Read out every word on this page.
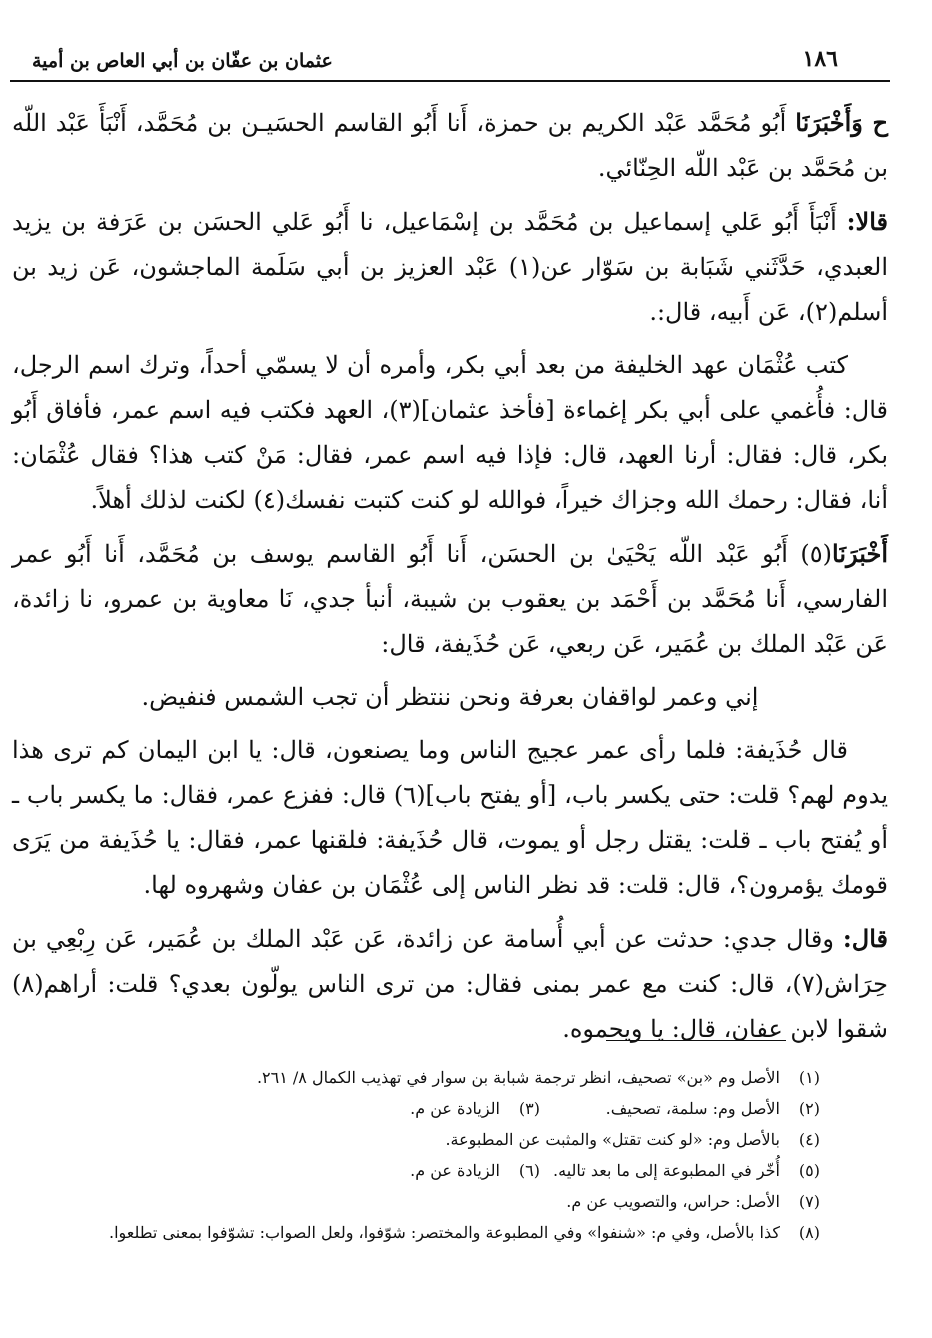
١٨٦
عثمان بن عفّان بن أبي العاص بن أمية

ح وَأَخْبَرَنَا أَبُو مُحَمَّد عَبْد الكريم بن حمزة، أَنا أَبُو القاسم الحسَيـن بن مُحَمَّد، أَنْبَأَ عَبْد اللّه بن مُحَمَّد بن عَبْد اللّه الحِنّائي.

قالا: أَنْبَأَ أَبُو عَلي إسماعيل بن مُحَمَّد بن إسْمَاعيل، نا أَبُو عَلي الحسَن بن عَرَفة بن يزيد العبدي، حَدَّثَني شَبَابة بن سَوّار عن(١) عَبْد العزيز بن أبي سَلَمة الماجشون، عَن زيد بن أسلم(٢)، عَن أَبيه، قال:.

كتب عُثْمَان عهد الخليفة من بعد أبي بكر، وأمره أن لا يسمّي أحداً، وترك اسم الرجل، قال: فأُغمي على أبي بكر إغماءة [فأخذ عثمان](٣)، العهد فكتب فيه اسم عمر، فأفاق أَبُو بكر، قال: فقال: أرنا العهد، قال: فإذا فيه اسم عمر، فقال: مَنْ كتب هذا؟ فقال عُثْمَان: أنا، فقال: رحمك الله وجزاك خيراً، فوالله لو كنت كتبت نفسك(٤) لكنت لذلك أهلاً.

أَخْبَرَنَا(٥) أَبُو عَبْد اللّه يَحْيَىٰ بن الحسَن، أَنا أَبُو القاسم يوسف بن مُحَمَّد، أَنا أَبُو عمر الفارسي، أَنا مُحَمَّد بن أَحْمَد بن يعقوب بن شيبة، أنبأ جدي، نَا معاوية بن عمرو، نا زائدة، عَن عَبْد الملك بن عُمَير، عَن ربعي، عَن حُذَيفة، قال:

إني وعمر لواقفان بعرفة ونحن ننتظر أن تجب الشمس فنفيض.

قال حُذَيفة: فلما رأى عمر عجيج الناس وما يصنعون، قال: يا ابن اليمان كم ترى هذا يدوم لهم؟ قلت: حتى يكسر باب، [أو يفتح باب](٦) قال: ففزع عمر، فقال: ما يكسر باب ـ أو يُفتح باب ـ قلت: يقتل رجل أو يموت، قال حُذَيفة: فلقنها عمر، فقال: يا حُذَيفة من يَرَى قومك يؤمرون؟، قال: قلت: قد نظر الناس إلى عُثْمَان بن عفان وشهروه لها.

قال: وقال جدي: حدثت عن أبي أُسامة عن زائدة، عَن عَبْد الملك بن عُمَير، عَن رِبْعِي بن حِرَاش(٧)، قال: كنت مع عمر بمنى فقال: من ترى الناس يولّون بعدي؟ قلت: أراهم(٨) شقوا لابن عفان، قال: يا ويحموه.

(١)
الأصل وم «بن» تصحيف، انظر ترجمة شبابة بن سوار في تهذيب الكمال ٨/ ٢٦١.
(٢)
الأصل وم: سلمة، تصحيف.
(٣)
الزيادة عن م.
(٤)
بالأصل وم: «لو كنت تقتل» والمثبت عن المطبوعة.
(٥)
أُخّر في المطبوعة إلى ما بعد تاليه.
(٦)
الزيادة عن م.
(٧)
الأصل: حراس، والتصويب عن م.
(٨)
كذا بالأصل، وفي م: «شنفوا» وفي المطبوعة والمختصر: شوّفوا، ولعل الصواب: تشوّفوا بمعنى تطلعوا.
